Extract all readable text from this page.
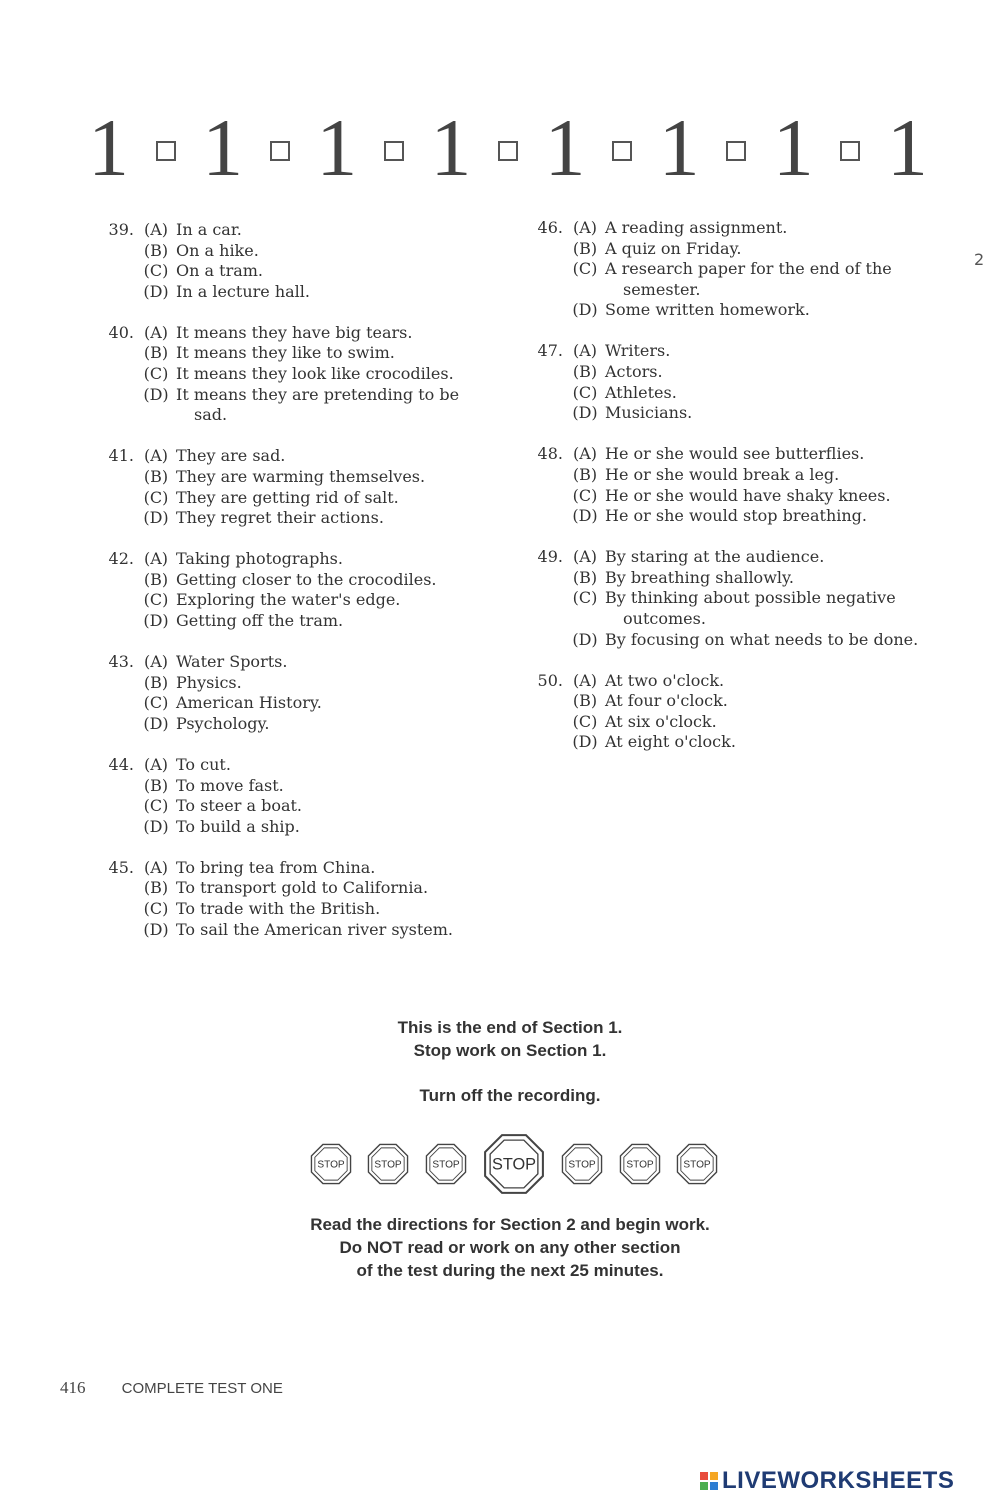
1 1 1 1 1 1 1 1
2
39. (A) In a car.
(B) On a hike.
(C) On a tram.
(D) In a lecture hall.
40. (A) It means they have big tears.
(B) It means they like to swim.
(C) It means they look like crocodiles.
(D) It means they are pretending to be
sad.
41. (A) They are sad.
(B) They are warming themselves.
(C) They are getting rid of salt.
(D) They regret their actions.
42. (A) Taking photographs.
(B) Getting closer to the crocodiles.
(C) Exploring the water's edge.
(D) Getting off the tram.
43. (A) Water Sports.
(B) Physics.
(C) American History.
(D) Psychology.
44. (A) To cut.
(B) To move fast.
(C) To steer a boat.
(D) To build a ship.
45. (A) To bring tea from China.
(B) To transport gold to California.
(C) To trade with the British.
(D) To sail the American river system.
46. (A) A reading assignment.
(B) A quiz on Friday.
(C) A research paper for the end of the
semester.
(D) Some written homework.
47. (A) Writers.
(B) Actors.
(C) Athletes.
(D) Musicians.
48. (A) He or she would see butterflies.
(B) He or she would break a leg.
(C) He or she would have shaky knees.
(D) He or she would stop breathing.
49. (A) By staring at the audience.
(B) By breathing shallowly.
(C) By thinking about possible negative
outcomes.
(D) By focusing on what needs to be done.
50. (A) At two o'clock.
(B) At four o'clock.
(C) At six o'clock.
(D) At eight o'clock.
This is the end of Section 1.
Stop work on Section 1.
Turn off the recording.
STOP STOP STOP STOP STOP STOP STOP
Read the directions for Section 2 and begin work.
Do NOT read or work on any other section
of the test during the next 25 minutes.
416 COMPLETE TEST ONE
LIVEWORKSHEETS
